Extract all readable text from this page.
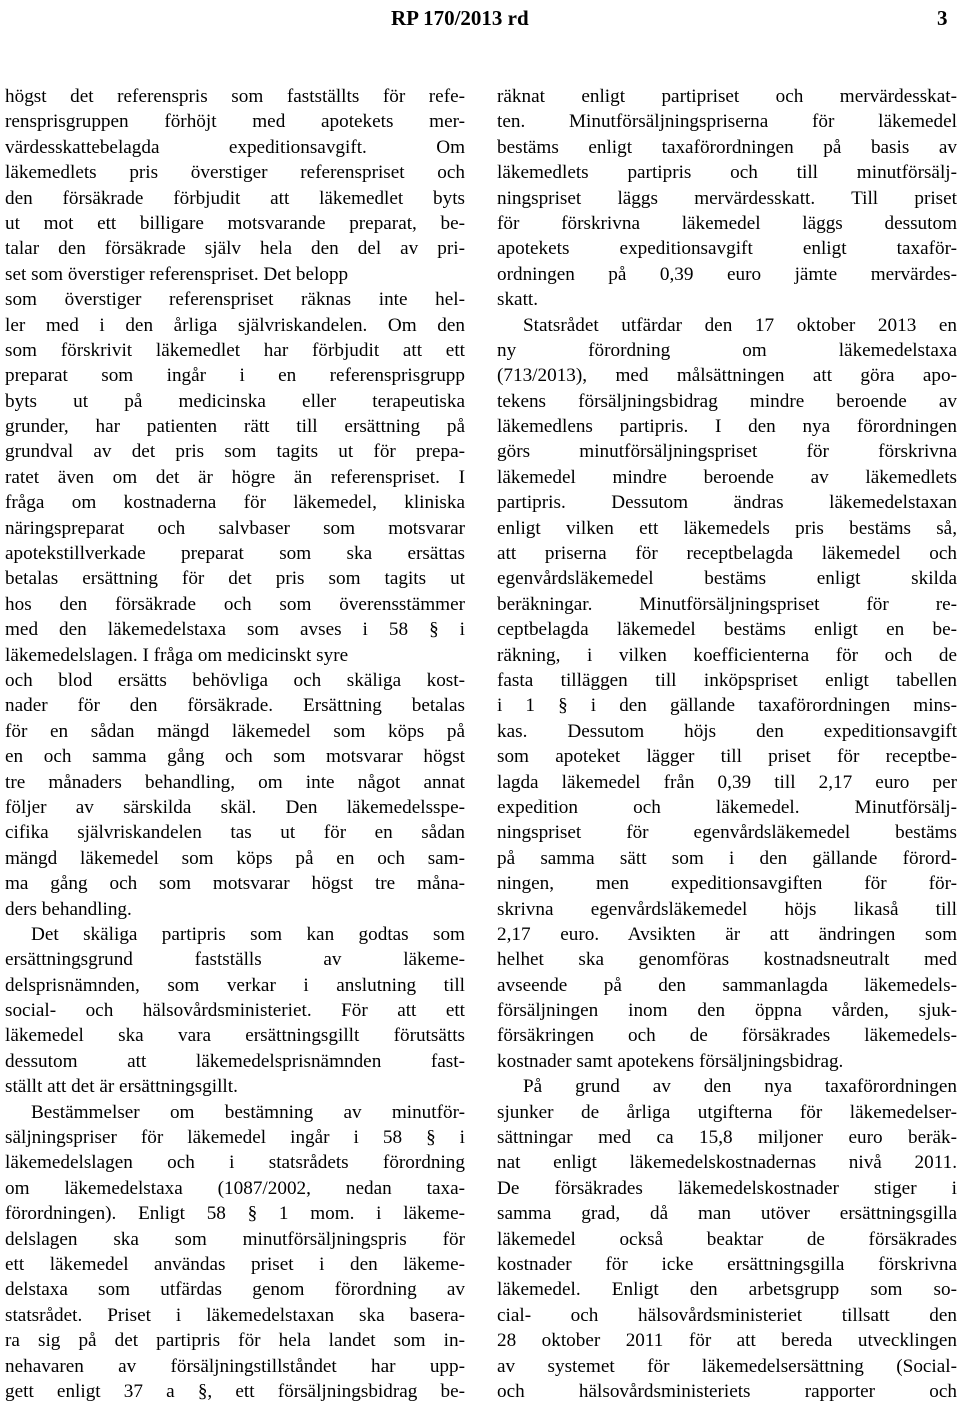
RP 170/2013 rd	3
högst det referenspris som fastställts för refe-
rensprisgruppen förhöjt med apotekets mer-
värdesskattebelagda expeditionsavgift. Om
läkemedlets pris överstiger referenspriset och
den försäkrade förbjudit att läkemedlet byts
ut mot ett billigare motsvarande preparat, be-
talar den försäkrade själv hela den del av pri-
set som överstiger referenspriset. Det belopp
som överstiger referenspriset räknas inte hel-
ler med i den årliga självriskandelen. Om den
som förskrivit läkemedlet har förbjudit att ett
preparat som ingår i en referensprisgrupp
byts ut på medicinska eller terapeutiska
grunder, har patienten rätt till ersättning på
grundval av det pris som tagits ut för prepa-
ratet även om det är högre än referenspriset. I
fråga om kostnaderna för läkemedel, kliniska
näringspreparat och salvbaser som motsvarar
apotekstillverkade preparat som ska ersättas
betalas ersättning för det pris som tagits ut
hos den försäkrade och som överensstämmer
med den läkemedelstaxa som avses i 58 § i
läkemedelslagen. I fråga om medicinskt syre
och blod ersätts behövliga och skäliga kost-
nader för den försäkrade. Ersättning betalas
för en sådan mängd läkemedel som köps på
en och samma gång och som motsvarar högst
tre månaders behandling, om inte något annat
följer av särskilda skäl. Den läkemedelsspe-
cifika självriskandelen tas ut för en sådan
mängd läkemedel som köps på en och sam-
ma gång och som motsvarar högst tre måna-
ders behandling.
Det skäliga partipris som kan godtas som
ersättningsgrund fastställs av läkeme-
delsprisnämnden, som verkar i anslutning till
social- och hälsovårdsministeriet. För att ett
läkemedel ska vara ersättningsgillt förutsätts
dessutom att läkemedelsprisnämnden fast-
ställt att det är ersättningsgillt.
Bestämmelser om bestämning av minutför-
säljningspriser för läkemedel ingår i 58 § i
läkemedelslagen och i statsrådets förordning
om läkemedelstaxa (1087/2002, nedan taxa-
förordningen). Enligt 58 § 1 mom. i läkeme-
delslagen ska som minutförsäljningspris för
ett läkemedel användas priset i den läkeme-
delstaxa som utfärdas genom förordning av
statsrådet. Priset i läkemedelstaxan ska basera-
ra sig på det partipris för hela landet som in-
nehavaren av försäljningstillståndet har upp-
gett enligt 37 a §, ett försäljningsbidrag be-
räknat enligt partipriset och mervärdesskat-
ten. Minutförsäljningspriserna för läkemedel
bestäms enligt taxaförordningen på basis av
läkemedlets partipris och till minutförsälj-
ningspriset läggs mervärdesskatt. Till priset
för förskrivna läkemedel läggs dessutom
apotekets expeditionsavgift enligt taxaför-
ordningen på 0,39 euro jämte mervärdes-
skatt.
Statsrådet utfärdar den 17 oktober 2013 en
ny förordning om läkemedelstaxa
(713/2013), med målsättningen att göra apo-
tekens försäljningsbidrag mindre beroende av
läkemedlens partipris. I den nya förordningen
görs minutförsäljningspriset för förskrivna
läkemedel mindre beroende av läkemedlets
partipris. Dessutom ändras läkemedelstaxan
enligt vilken ett läkemedels pris bestäms så,
att priserna för receptbelagda läkemedel och
egenvårdsläkemedel bestäms enligt skilda
beräkningar. Minutförsäljningspriset för re-
ceptbelagda läkemedel bestäms enligt en be-
räkning, i vilken koefficienterna för och de
fasta tilläggen till inköpspriset enligt tabellen
i 1 § i den gällande taxaförordningen mins-
kas. Dessutom höjs den expeditionsavgift
som apoteket lägger till priset för receptbe-
lagda läkemedel från 0,39 till 2,17 euro per
expedition och läkemedel. Minutförsälj-
ningspriset för egenvårdsläkemedel bestäms
på samma sätt som i den gällande förord-
ningen, men expeditionsavgiften för för-
skrivna egenvårdsläkemedel höjs likaså till
2,17 euro. Avsikten är att ändringen som
helhet ska genomföras kostnadsneutralt med
avseende på den sammanlagda läkemedels-
försäljningen inom den öppna vården, sjuk-
försäkringen och de försäkrades läkemedels-
kostnader samt apotekens försäljningsbidrag.
På grund av den nya taxaförordningen
sjunker de årliga utgifterna för läkemedelser-
sättningar med ca 15,8 miljoner euro beräk-
nat enligt läkemedelskostnadernas nivå 2011.
De försäkrades läkemedelskostnader stiger i
samma grad, då man utöver ersättningsgilla
läkemedel också beaktar de försäkrades
kostnader för icke ersättningsgilla förskrivna
läkemedel. Enligt den arbetsgrupp som so-
cial- och hälsovårdsministeriet tillsatt den
28 oktober 2011 för att bereda utvecklingen
av systemet för läkemedelsersättning (Social-
och hälsovårdsministeriets rapporter och
